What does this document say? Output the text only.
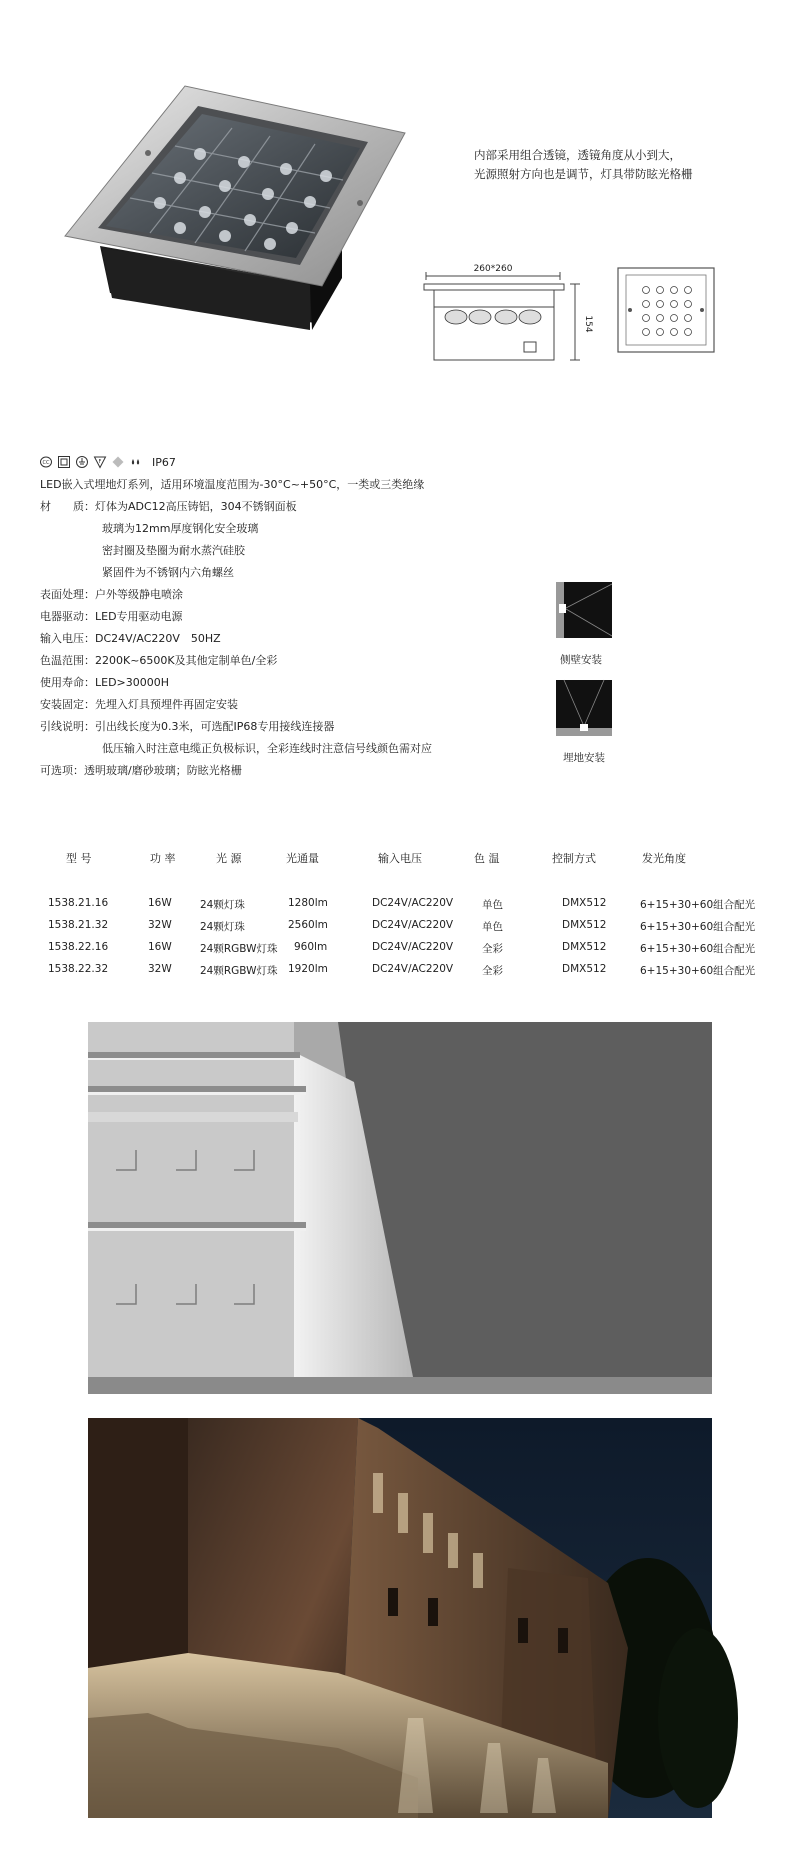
内部采用组合透镜，透镜角度从小到大，
光源照射方向也是调节，灯具带防眩光格栅
260*260
154
CC	F	IP67
LED嵌入式埋地灯系列，适用环境温度范围为-30°C~+50°C，一类或三类绝缘
材　　质：灯体为ADC12高压铸铝，304不锈钢面板
玻璃为12mm厚度钢化安全玻璃
密封圈及垫圈为耐水蒸汽硅胶
紧固件为不锈钢内六角螺丝
表面处理：户外等级静电喷涂
电器驱动：LED专用驱动电源
输入电压：DC24V/AC220V　50HZ
色温范围：2200K~6500K及其他定制单色/全彩
使用寿命：LED>30000H
安装固定：先埋入灯具预埋件再固定安装
引线说明：引出线长度为0.3米，可选配IP68专用接线连接器
低压输入时注意电缆正负极标识，全彩连线时注意信号线颜色需对应
可选项：透明玻璃/磨砂玻璃；防眩光格栅
侧壁安装
埋地安装
型 号	功 率	光 源	光通量	输入电压	色 温	控制方式	发光角度
1538.21.16	16W	24颗灯珠	1280lm	DC24V/AC220V	单色	DMX512	6+15+30+60组合配光
1538.21.32	32W	24颗灯珠	2560lm	DC24V/AC220V	单色	DMX512	6+15+30+60组合配光
1538.22.16	16W	24颗RGBW灯珠 960lm	DC24V/AC220V	全彩	DMX512	6+15+30+60组合配光
1538.22.32	32W	24颗RGBW灯珠 1920lm	DC24V/AC220V	全彩	DMX512	6+15+30+60组合配光
